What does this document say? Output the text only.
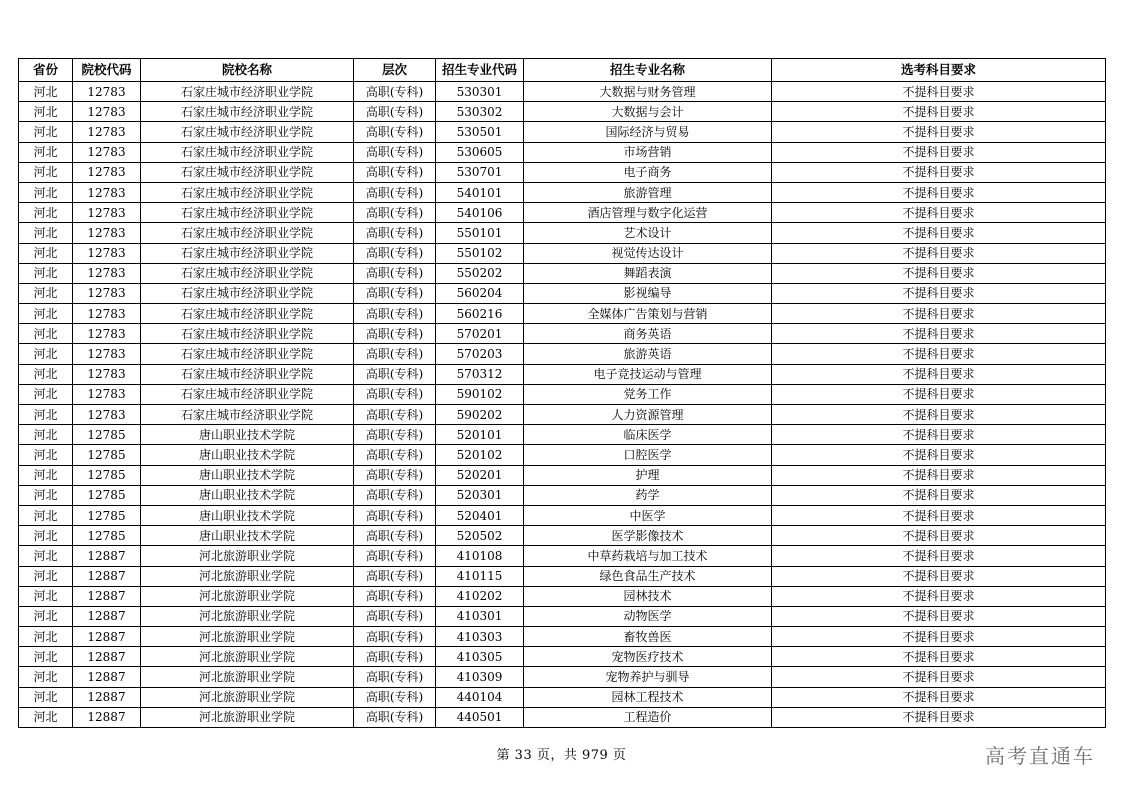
省份	院校代码	院校名称	层次	招生专业代码	招生专业名称	选考科目要求
河北	12783	石家庄城市经济职业学院	高职(专科)	530301	大数据与财务管理	不提科目要求
河北	12783	石家庄城市经济职业学院	高职(专科)	530302	大数据与会计	不提科目要求
河北	12783	石家庄城市经济职业学院	高职(专科)	530501	国际经济与贸易	不提科目要求
河北	12783	石家庄城市经济职业学院	高职(专科)	530605	市场营销	不提科目要求
河北	12783	石家庄城市经济职业学院	高职(专科)	530701	电子商务	不提科目要求
河北	12783	石家庄城市经济职业学院	高职(专科)	540101	旅游管理	不提科目要求
河北	12783	石家庄城市经济职业学院	高职(专科)	540106	酒店管理与数字化运营	不提科目要求
河北	12783	石家庄城市经济职业学院	高职(专科)	550101	艺术设计	不提科目要求
河北	12783	石家庄城市经济职业学院	高职(专科)	550102	视觉传达设计	不提科目要求
河北	12783	石家庄城市经济职业学院	高职(专科)	550202	舞蹈表演	不提科目要求
河北	12783	石家庄城市经济职业学院	高职(专科)	560204	影视编导	不提科目要求
河北	12783	石家庄城市经济职业学院	高职(专科)	560216	全媒体广告策划与营销	不提科目要求
河北	12783	石家庄城市经济职业学院	高职(专科)	570201	商务英语	不提科目要求
河北	12783	石家庄城市经济职业学院	高职(专科)	570203	旅游英语	不提科目要求
河北	12783	石家庄城市经济职业学院	高职(专科)	570312	电子竞技运动与管理	不提科目要求
河北	12783	石家庄城市经济职业学院	高职(专科)	590102	党务工作	不提科目要求
河北	12783	石家庄城市经济职业学院	高职(专科)	590202	人力资源管理	不提科目要求
河北	12785	唐山职业技术学院	高职(专科)	520101	临床医学	不提科目要求
河北	12785	唐山职业技术学院	高职(专科)	520102	口腔医学	不提科目要求
河北	12785	唐山职业技术学院	高职(专科)	520201	护理	不提科目要求
河北	12785	唐山职业技术学院	高职(专科)	520301	药学	不提科目要求
河北	12785	唐山职业技术学院	高职(专科)	520401	中医学	不提科目要求
河北	12785	唐山职业技术学院	高职(专科)	520502	医学影像技术	不提科目要求
河北	12887	河北旅游职业学院	高职(专科)	410108	中草药栽培与加工技术	不提科目要求
河北	12887	河北旅游职业学院	高职(专科)	410115	绿色食品生产技术	不提科目要求
河北	12887	河北旅游职业学院	高职(专科)	410202	园林技术	不提科目要求
河北	12887	河北旅游职业学院	高职(专科)	410301	动物医学	不提科目要求
河北	12887	河北旅游职业学院	高职(专科)	410303	畜牧兽医	不提科目要求
河北	12887	河北旅游职业学院	高职(专科)	410305	宠物医疗技术	不提科目要求
河北	12887	河北旅游职业学院	高职(专科)	410309	宠物养护与驯导	不提科目要求
河北	12887	河北旅游职业学院	高职(专科)	440104	园林工程技术	不提科目要求
河北	12887	河北旅游职业学院	高职(专科)	440501	工程造价	不提科目要求
第 33 页，共 979 页	高考直通车
